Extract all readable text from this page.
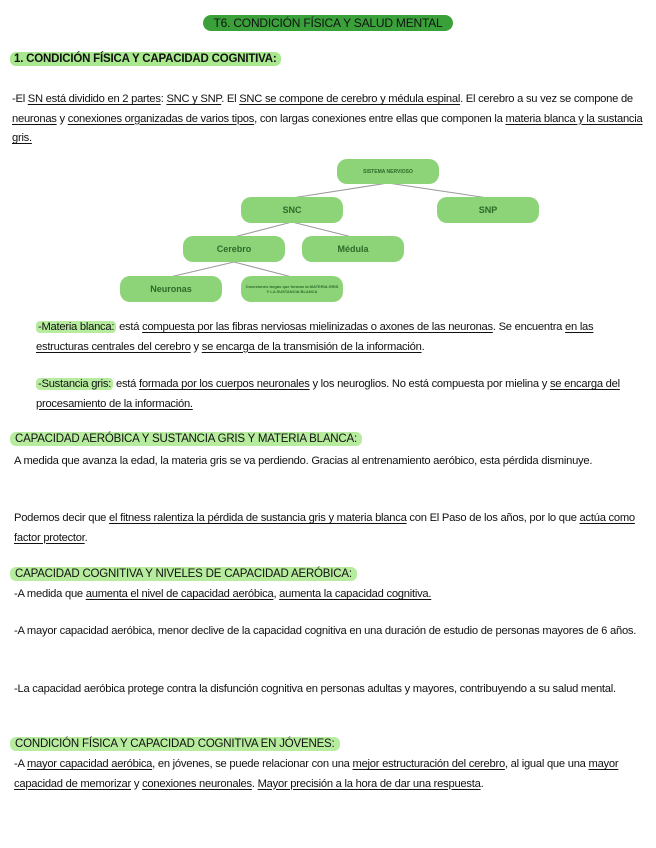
T6. CONDICIÓN FÍSICA Y SALUD MENTAL
1. CONDICIÓN FÍSICA Y CAPACIDAD COGNITIVA:

-El SN está dividido en 2 partes: SNC y SNP. El SNC se compone de cerebro y médula espinal. El cerebro a su vez se compone de neuronas y conexiones organizadas de varios tipos, con largas conexiones entre ellas que componen la materia blanca y la sustancia gris.

SISTEMA NERVIOSO
SNC	SNP
Cerebro	Médula
Neuronas	Conexiones largas que forman la MATERIA GRIS Y LA SUSTANCIA BLANCA

-Materia blanca: está compuesta por las fibras nerviosas mielinizadas o axones de las neuronas. Se encuentra en las estructuras centrales del cerebro y se encarga de la transmisión de la información.

-Sustancia gris: está formada por los cuerpos neuronales y los neuroglios. No está compuesta por mielina y se encarga del procesamiento de la información.

CAPACIDAD AERÓBICA Y SUSTANCIA GRIS Y MATERIA BLANCA:

A medida que avanza la edad, la materia gris se va perdiendo. Gracias al entrenamiento aeróbico, esta pérdida disminuye.

Podemos decir que el fitness ralentiza la pérdida de sustancia gris y materia blanca con El Paso de los años, por lo que actúa como factor protector.

CAPACIDAD COGNITIVA Y NIVELES DE CAPACIDAD AERÓBICA:

-A medida que aumenta el nivel de capacidad aeróbica, aumenta la capacidad cognitiva.

-A mayor capacidad aeróbica, menor declive de la capacidad cognitiva en una duración de estudio de personas mayores de 6 años.

-La capacidad aeróbica protege contra la disfunción cognitiva en personas adultas y mayores, contribuyendo a su salud mental.

CONDICIÓN FÍSICA Y CAPACIDAD COGNITIVA EN JÓVENES:

-A mayor capacidad aeróbica, en jóvenes, se puede relacionar con una mejor estructuración del cerebro, al igual que una mayor capacidad de memorizar y conexiones neuronales. Mayor precisión a la hora de dar una respuesta.
